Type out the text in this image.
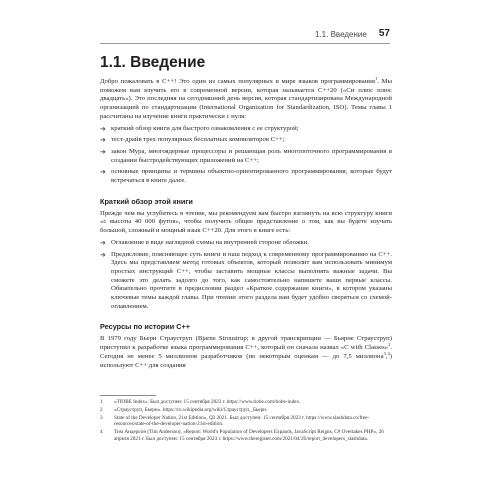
1.1. Введение 57
1.1. Введение

Добро пожаловать в C++! Это один из самых популярных в мире языков программирования$^1$. Мы поможем вам изучить его в современной версии, которая называется C++20 («Си плюс плюс двадцать»). Это последняя на сегодняшний день версия, которая стандартизирована Международной организацией по стандартизации (International Organization for Standardization, ISO). Темы главы 1 рассчитаны на изучение книги практически с нуля:

➜ краткий обзор книги для быстрого ознакомления с ее структурой;
➜ тест-драйв трех популярных бесплатных компиляторов C++;
➜ закон Мура, многоядерные процессоры и решающая роль многопоточного программирования в создании быстродействующих приложений на C++;
➜ основные принципы и термины объектно-ориентированного программирования, которые будут встречаться в книге далее.
Краткий обзор этой книги

Прежде чем вы углубитесь в чтение, мы рекомендуем вам быстро взглянуть на всю структуру книги «с высоты 40 000 футов», чтобы получить общее представление о том, как вы будете изучать большой, сложный и мощный язык C++20. Для этого в книге есть:

➜ Оглавление в виде наглядной схемы на внутренней стороне обложки.
➜ Предисловие, поясняющее суть книги и наш подход к современному программированию на C++. Здесь мы представляем метод готовых объектов, который позволит вам использовать минимум простых инструкций C++, чтобы заставить мощные классы выполнять важные задачи. Вы сможете это делать задолго до того, как самостоятельно напишете ваши первые классы. Обязательно прочтите в предисловии раздел «Краткое содержание книги», в котором указаны ключевые темы каждой главы. При чтении этого раздела вам будет удобно сверяться со схемой-оглавлением.
Ресурсы по истории C++

В 1979 году Бьерн Страуструп (Bjarne Stroustrup; в другой транскрипции — Бьярне Страуструп) приступил к разработке языка программирования C++, который он сначала назвал «C with Classes»$^2$. Сегодня не менее 5 миллионов разработчиков (по некоторым оценкам — до 7,5 миллиона$^3$,$^4$) используют C++ для создания

1 «TIOBE Index». Был доступен: 15 сентября 2023 г. https://www.tiobe.com/tiobe-index.
2 «Страуструп, Бьерн». https://ru.wikipedia.org/wiki/Страуструп,_Бьерн.
3 State of the Developer Nation, 21st Edition», Q3 2021. Был доступен: 15 сентября 2023 г. https://www.slashdata.co/free-resources/state-of-the-developer-nation-21st-edition.
4 Тим Андерсон (Tim Anderson), «Report: World's Population of Developers Expands, JavaScript Reigns, C# Overtakes PHP», 26 апреля 2021 г. Был доступен: 15 сентября 2023 г. https://www.theregister.com/2021/04/26/report_developers_slashdata.
